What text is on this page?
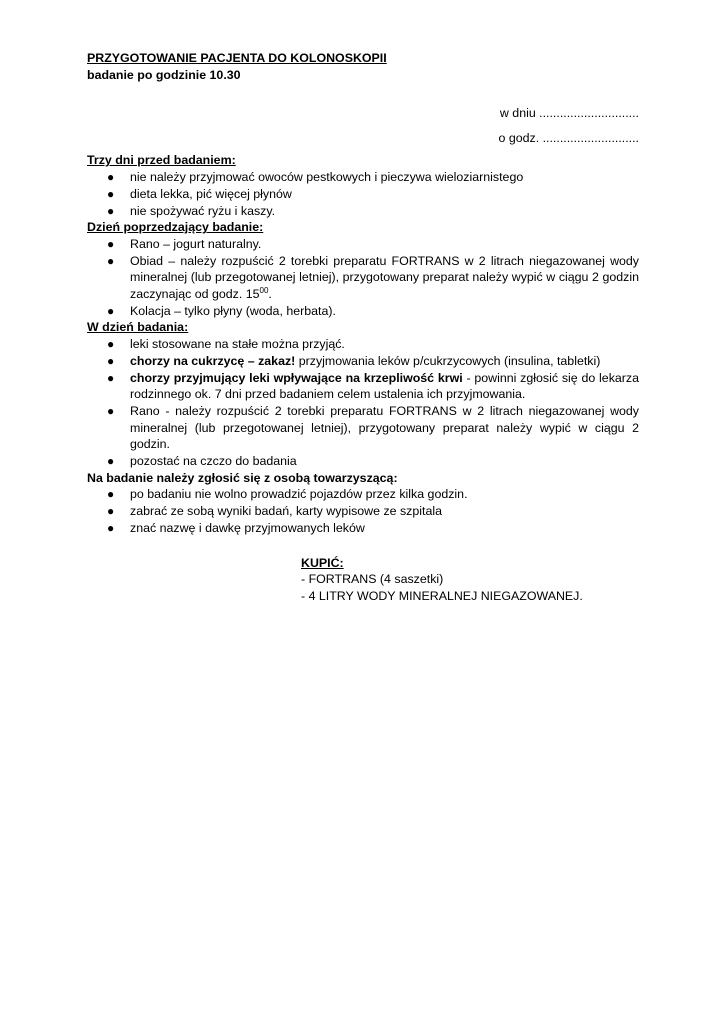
PRZYGOTOWANIE PACJENTA DO KOLONOSKOPII
badanie po godzinie 10.30
w dniu .............................
o godz. ............................
Trzy dni przed badaniem:
● nie należy przyjmować owoców pestkowych i pieczywa wieloziarnistego
● dieta lekka, pić więcej płynów
● nie spożywać ryżu i kaszy.
Dzień poprzedzający badanie:
● Rano – jogurt naturalny.
● Obiad – należy rozpuścić 2 torebki preparatu FORTRANS w 2 litrach niegazowanej wody mineralnej (lub przegotowanej letniej), przygotowany preparat należy wypić w ciągu 2 godzin zaczynając od godz. $15^{00}$.
● Kolacja – tylko płyny (woda, herbata).
W dzień badania:
● leki stosowane na stałe można przyjąć.
● chorzy na cukrzycę – zakaz! przyjmowania leków p/cukrzycowych (insulina, tabletki)
● chorzy przyjmujący leki wpływające na krzepliwość krwi - powinni zgłosić się do lekarza rodzinnego ok. 7 dni przed badaniem celem ustalenia ich przyjmowania.
● Rano - należy rozpuścić 2 torebki preparatu FORTRANS w 2 litrach niegazowanej wody mineralnej (lub przegotowanej letniej), przygotowany preparat należy wypić w ciągu 2 godzin.
● pozostać na czczo do badania
Na badanie należy zgłosić się z osobą towarzyszącą:
● po badaniu nie wolno prowadzić pojazdów przez kilka godzin.
● zabrać ze sobą wyniki badań, karty wypisowe ze szpitala
● znać nazwę i dawkę przyjmowanych leków
KUPIĆ:
- FORTRANS (4 saszetki)
- 4 LITRY WODY MINERALNEJ NIEGAZOWANEJ.
